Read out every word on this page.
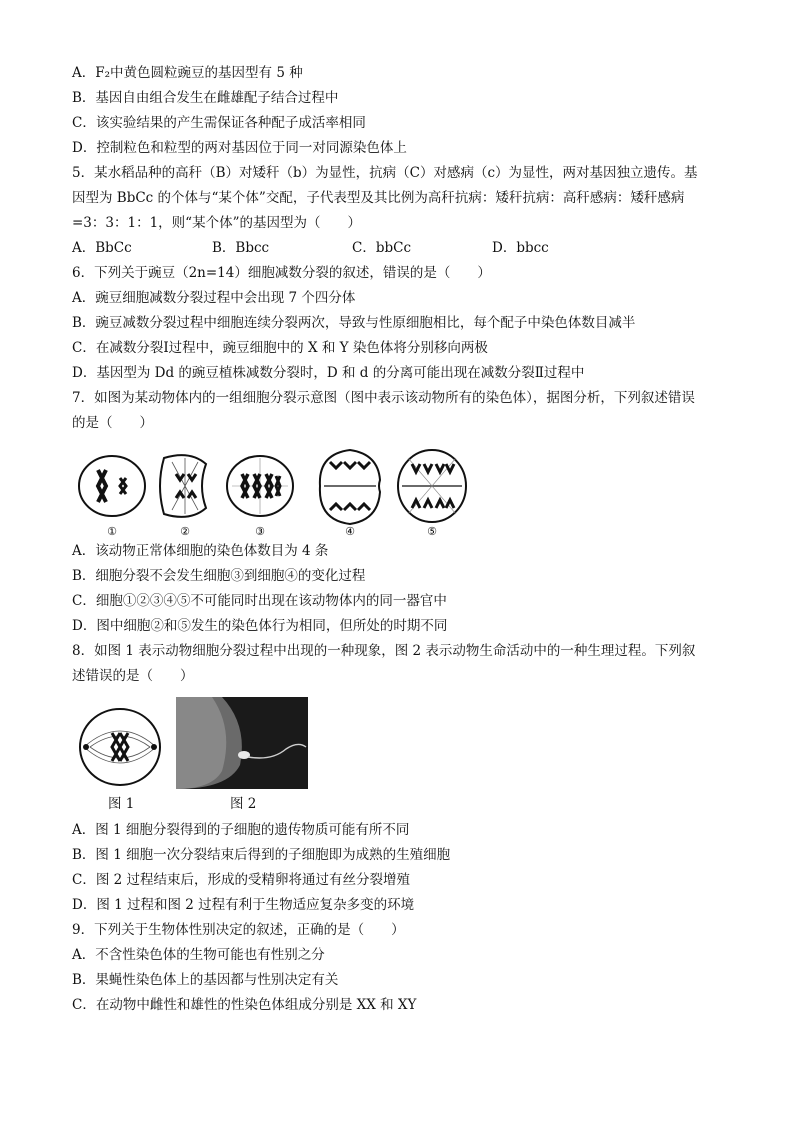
A．F₂中黄色圆粒豌豆的基因型有 5 种
B．基因自由组合发生在雌雄配子结合过程中
C．该实验结果的产生需保证各种配子成活率相同
D．控制粒色和粒型的两对基因位于同一对同源染色体上
5．某水稻品种的高秆（B）对矮秆（b）为显性，抗病（C）对感病（c）为显性，两对基因独立遗传。基
因型为 BbCc 的个体与“某个体”交配，子代表型及其比例为高秆抗病：矮秆抗病：高秆感病：矮秆感病
=3：3：1：1，则“某个体”的基因型为（　　）
A．BbCc	B．Bbcc	C．bbCc	D．bbcc
6．下列关于豌豆（2n=14）细胞减数分裂的叙述，错误的是（　　）
A．豌豆细胞减数分裂过程中会出现 7 个四分体
B．豌豆减数分裂过程中细胞连续分裂两次，导致与性原细胞相比，每个配子中染色体数目减半
C．在减数分裂Ⅰ过程中，豌豆细胞中的 X 和 Y 染色体将分别移向两极
D．基因型为 Dd 的豌豆植株减数分裂时，D 和 d 的分离可能出现在减数分裂Ⅱ过程中
7．如图为某动物体内的一组细胞分裂示意图（图中表示该动物所有的染色体），据图分析，下列叙述错误
的是（　　）
①	②	③	④	⑤
A．该动物正常体细胞的染色体数目为 4 条
B．细胞分裂不会发生细胞③到细胞④的变化过程
C．细胞①②③④⑤不可能同时出现在该动物体内的同一器官中
D．图中细胞②和⑤发生的染色体行为相同，但所处的时期不同
8．如图 1 表示动物细胞分裂过程中出现的一种现象，图 2 表示动物生命活动中的一种生理过程。下列叙
述错误的是（　　）
图 1	图 2
A．图 1 细胞分裂得到的子细胞的遗传物质可能有所不同
B．图 1 细胞一次分裂结束后得到的子细胞即为成熟的生殖细胞
C．图 2 过程结束后，形成的受精卵将通过有丝分裂增殖
D．图 1 过程和图 2 过程有利于生物适应复杂多变的环境
9．下列关于生物体性别决定的叙述，正确的是（　　）
A．不含性染色体的生物可能也有性别之分
B．果蝇性染色体上的基因都与性别决定有关
C．在动物中雌性和雄性的性染色体组成分别是 XX 和 XY
